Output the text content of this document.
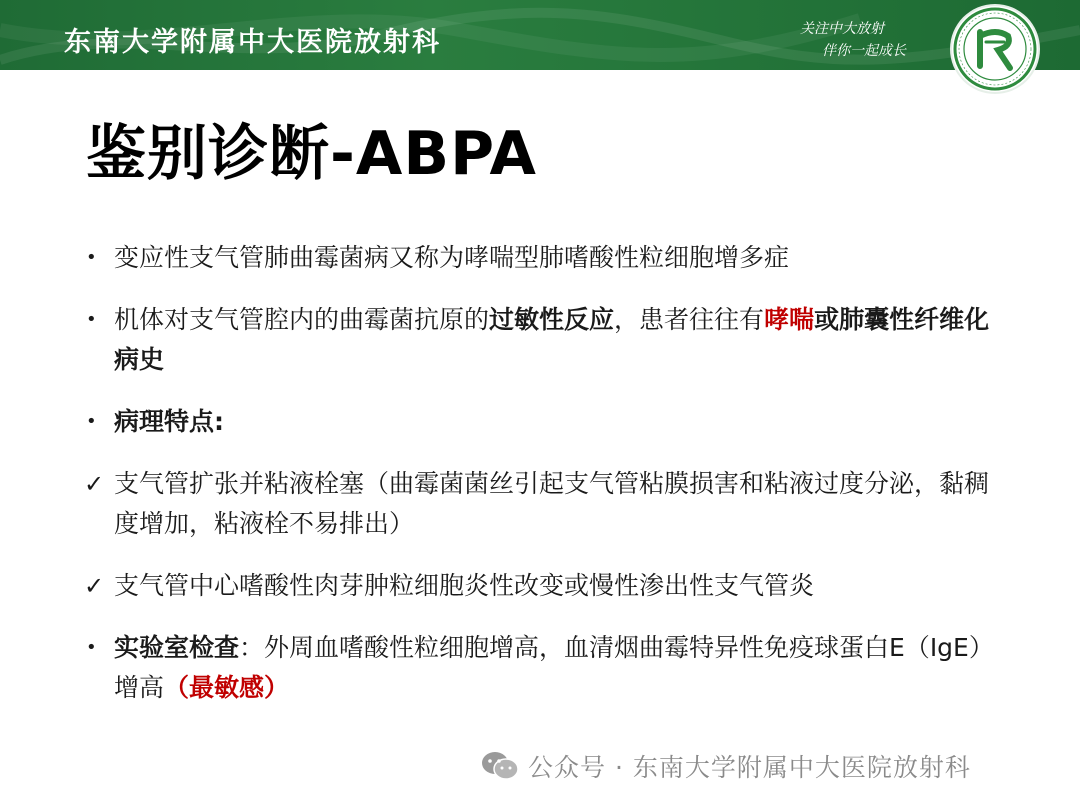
东南大学附属中大医院放射科	关注中大放射
伴你一起成长
鉴别诊断-ABPA
• 变应性支气管肺曲霉菌病又称为哮喘型肺嗜酸性粒细胞增多症
• 机体对支气管腔内的曲霉菌抗原的过敏性反应，患者往往有哮喘或肺囊性纤维化病史
• 病理特点:
✓ 支气管扩张并粘液栓塞（曲霉菌菌丝引起支气管粘膜损害和粘液过度分泌，黏稠度增加，粘液栓不易排出）
✓ 支气管中心嗜酸性肉芽肿粒细胞炎性改变或慢性渗出性支气管炎
• 实验室检查：外周血嗜酸性粒细胞增高，血清烟曲霉特异性免疫球蛋白E（IgE）增高（最敏感）
公众号 · 东南大学附属中大医院放射科
